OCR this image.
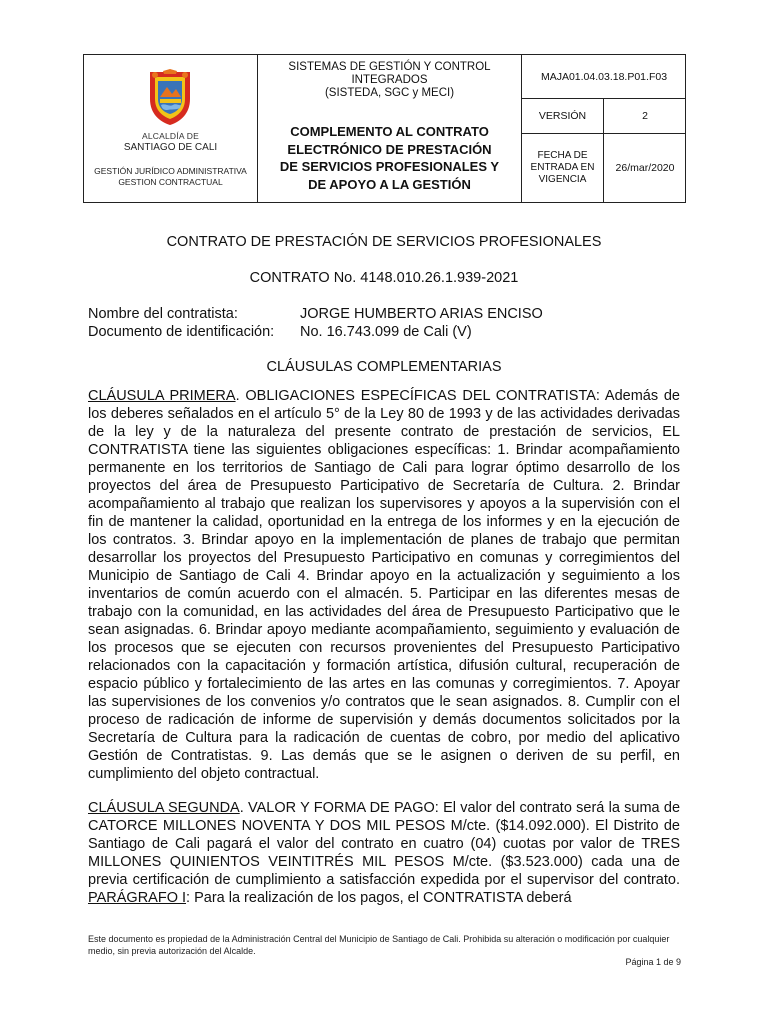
ALCALDÍA DE
SANTIAGO DE CALI
GESTIÓN JURÍDICO ADMINISTRATIVA
GESTION CONTRACTUAL
SISTEMAS DE GESTIÓN Y CONTROL
INTEGRADOS
(SISTEDA, SGC y MECI)
COMPLEMENTO AL CONTRATO
ELECTRÓNICO DE PRESTACIÓN
DE SERVICIOS PROFESIONALES Y
DE APOYO A LA GESTIÓN
MAJA01.04.03.18.P01.F03
VERSIÓN	2
FECHA DE
ENTRADA EN
VIGENCIA
26/mar/2020
CONTRATO DE PRESTACIÓN DE SERVICIOS PROFESIONALES
CONTRATO No. 4148.010.26.1.939-2021
Nombre del contratista:	JORGE HUMBERTO ARIAS ENCISO
Documento de identificación: No. 16.743.099 de Cali (V)
CLÁUSULAS COMPLEMENTARIAS
CLÁUSULA PRIMERA. OBLIGACIONES ESPECÍFICAS DEL CONTRATISTA: Además de los deberes señalados en el artículo 5° de la Ley 80 de 1993 y de las actividades derivadas de la ley y de la naturaleza del presente contrato de prestación de servicios, EL CONTRATISTA tiene las siguientes obligaciones específicas: 1. Brindar acompañamiento permanente en los territorios de Santiago de Cali para lograr óptimo desarrollo de los proyectos del área de Presupuesto Participativo de Secretaría de Cultura. 2. Brindar acompañamiento al trabajo que realizan los supervisores y apoyos a la supervisión con el fin de mantener la calidad, oportunidad en la entrega de los informes y en la ejecución de los contratos. 3. Brindar apoyo en la implementación de planes de trabajo que permitan desarrollar los proyectos del Presupuesto Participativo en comunas y corregimientos del Municipio de Santiago de Cali 4. Brindar apoyo en la actualización y seguimiento a los inventarios de común acuerdo con el almacén. 5. Participar en las diferentes mesas de trabajo con la comunidad, en las actividades del área de Presupuesto Participativo que le sean asignadas. 6. Brindar apoyo mediante acompañamiento, seguimiento y evaluación de los procesos que se ejecuten con recursos provenientes del Presupuesto Participativo relacionados con la capacitación y formación artística, difusión cultural, recuperación de espacio público y fortalecimiento de las artes en las comunas y corregimientos. 7. Apoyar las supervisiones de los convenios y/o contratos que le sean asignados. 8. Cumplir con el proceso de radicación de informe de supervisión y demás documentos solicitados por la Secretaría de Cultura para la radicación de cuentas de cobro, por medio del aplicativo Gestión de Contratistas. 9. Las demás que se le asignen o deriven de su perfil, en cumplimiento del objeto contractual.
CLÁUSULA SEGUNDA. VALOR Y FORMA DE PAGO: El valor del contrato será la suma de CATORCE MILLONES NOVENTA Y DOS MIL PESOS M/cte. ($14.092.000). El Distrito de Santiago de Cali pagará el valor del contrato en cuatro (04) cuotas por valor de TRES MILLONES QUINIENTOS VEINTITRÉS MIL PESOS M/cte. ($3.523.000) cada una de previa certificación de cumplimiento a satisfacción expedida por el supervisor del contrato. PARÁGRAFO I: Para la realización de los pagos, el CONTRATISTA deberá
Este documento es propiedad de la Administración Central del Municipio de Santiago de Cali. Prohibida su alteración o modificación por cualquier medio, sin previa autorización del Alcalde.
Página 1 de 9
